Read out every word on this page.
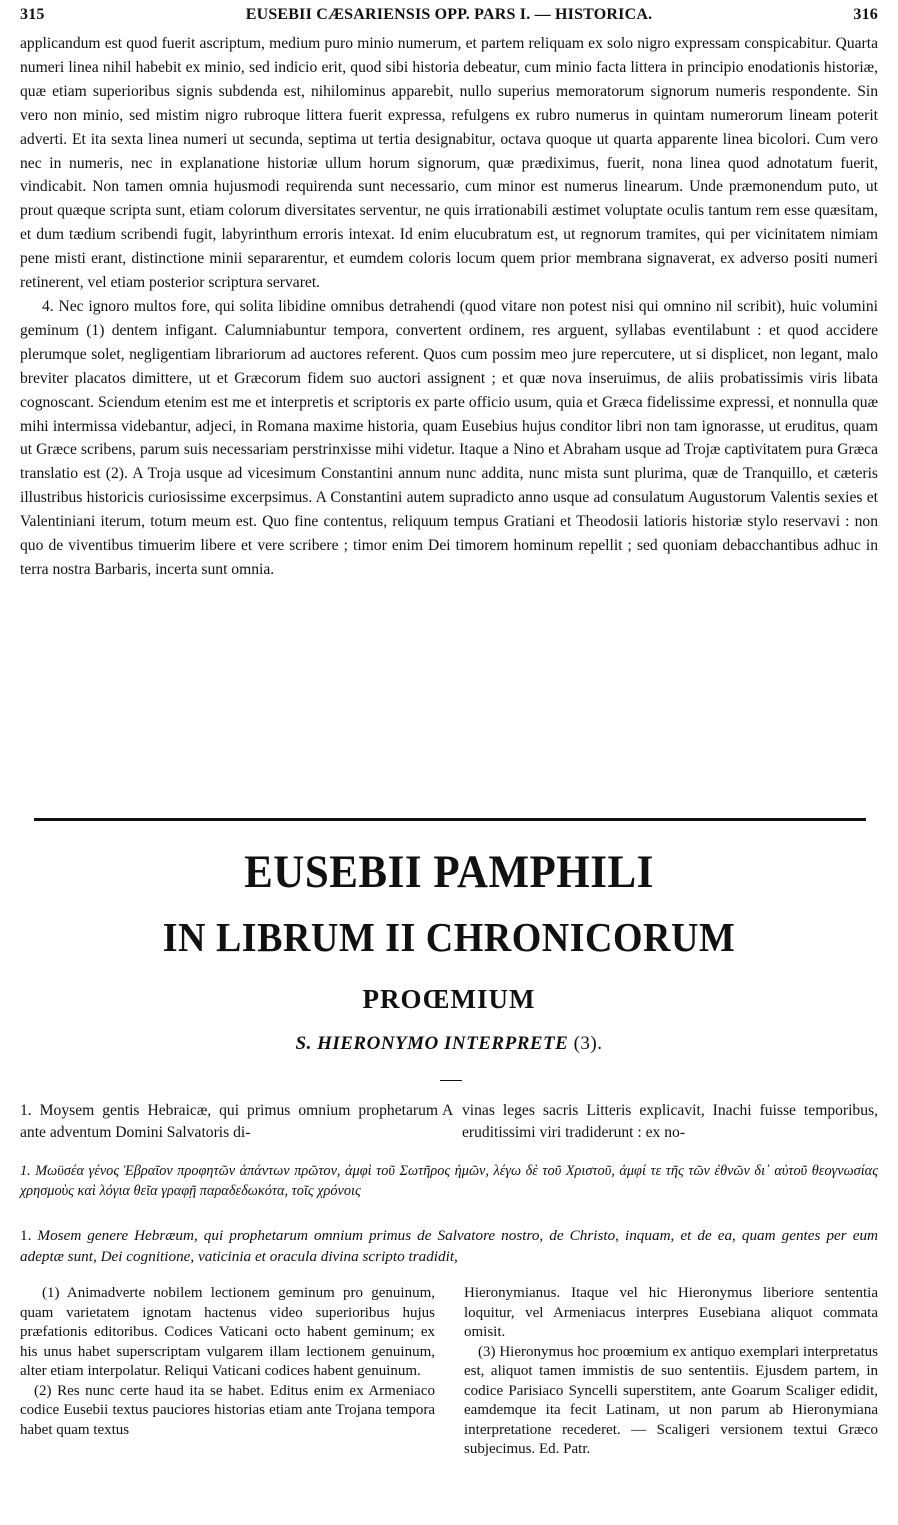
315	EUSEBII CÆSARIENSIS OPP. PARS I. — HISTORICA.	316

applicandum est quod fuerit ascriptum, medium puro minio numerum, et partem reliquam ex solo nigro expressam conspicabitur. Quarta numeri linea nihil habebit ex minio, sed indicio erit, quod sibi historia debeatur, cum minio facta littera in principio enodationis historiæ, quæ etiam superioribus signis subdenda est, nihilominus apparebit, nullo superius memoratorum signorum numeris respondente. Sin vero non minio, sed mistim nigro rubroque littera fuerit expressa, refulgens ex rubro numerus in quintam numerorum lineam poterit adverti. Et ita sexta linea numeri ut secunda, septima ut tertia designabitur, octava quoque ut quarta apparente linea bicolori. Cum vero nec in numeris, nec in explanatione historiæ ullum horum signorum, quæ prædiximus, fuerit, nona linea quod adnotatum fuerit, vindicabit. Non tamen omnia hujusmodi requirenda sunt necessario, cum minor est numerus linearum. Unde præmonendum puto, ut prout quæque scripta sunt, etiam colorum diversitates serventur, ne quis irrationabili æstimet voluptate oculis tantum rem esse quæsitam, et dum tædium scribendi fugit, labyrinthum erroris intexat. Id enim elucubratum est, ut regnorum tramites, qui per vicinitatem nimiam pene misti erant, distinctione minii separarentur, et eumdem coloris locum quem prior membrana signaverat, ex adverso positi numeri retinerent, vel etiam posterior scriptura servaret.

4. Nec ignoro multos fore, qui solita libidine omnibus detrahendi (quod vitare non potest nisi qui omnino nil scribit), huic volumini geminum (1) dentem infigant. Calumniabuntur tempora, convertent ordinem, res arguent, syllabas eventilabunt : et quod accidere plerumque solet, negligentiam librariorum ad auctores referent. Quos cum possim meo jure repercutere, ut si displicet, non legant, malo breviter placatos dimittere, ut et Græcorum fidem suo auctori assignent ; et quæ nova inseruimus, de aliis probatissimis viris libata cognoscant. Sciendum etenim est me et interpretis et scriptoris ex parte officio usum, quia et Græca fidelissime expressi, et nonnulla quæ mihi intermissa videbantur, adjeci, in Romana maxime historia, quam Eusebius hujus conditor libri non tam ignorasse, ut eruditus, quam ut Græce scribens, parum suis necessariam perstrinxisse mihi videtur. Itaque a Nino et Abraham usque ad Trojæ captivitatem pura Græca translatio est (2). A Troja usque ad vicesimum Constantini annum nunc addita, nunc mista sunt plurima, quæ de Tranquillo, et cæteris illustribus historicis curiosissime excerpsimus. A Constantini autem supradicto anno usque ad consulatum Augustorum Valentis sexies et Valentiniani iterum, totum meum est. Quo fine contentus, reliquum tempus Gratiani et Theodosii latioris historiæ stylo reservavi : non quo de viventibus timuerim libere et vere scribere ; timor enim Dei timorem hominum repellit ; sed quoniam debacchantibus adhuc in terra nostra Barbaris, incerta sunt omnia.

EUSEBII PAMPHILI
IN LIBRUM II CHRONICORUM
PROŒMIUM
S. HIERONYMO INTERPRETE (3).
1. Moysem gentis Hebraicæ, qui primus omnium prophetarum ante adventum Domini Salvatoris di-
A vinas leges sacris Litteris explicavit, Inachi fuisse temporibus, eruditissimi viri tradiderunt : ex no-
1. Μωϋσέα γένος Ἑβραῖον προφητῶν ἁπάντων πρῶτον, ἀμφὶ τοῦ Σωτῆρος ἡμῶν, λέγω δὲ τοῦ Χριστοῦ, ἀμφί τε τῆς τῶν ἐθνῶν δι᾽ αὐτοῦ θεογνωσίας χρησμοὺς καὶ λόγια θεῖα γραφῇ παραδεδωκότα, τοῖς χρόνοις
1. Mosem genere Hebræum, qui prophetarum omnium primus de Salvatore nostro, de Christo, inquam, et de ea, quam gentes per eum adeptæ sunt, Dei cognitione, vaticinia et oracula divina scripto tradidit,

(1) Animadverte nobilem lectionem geminum pro genuinum, quam varietatem ignotam hactenus video superioribus hujus præfationis editoribus. Codices Vaticani octo habent geminum; ex his unus habet superscriptam vulgarem illam lectionem genuinum, alter etiam interpolatur. Reliqui Vaticani codices habent genuinum.

(2) Res nunc certe haud ita se habet. Editus enim ex Armeniaco codice Eusebii textus pauciores historias etiam ante Trojana tempora habet quam textus

Hieronymianus. Itaque vel hic Hieronymus liberiore sententia loquitur, vel Armeniacus interpres Eusebiana aliquot commata omisit.

(3) Hieronymus hoc proœmium ex antiquo exemplari interpretatus est, aliquot tamen immistis de suo sententiis. Ejusdem partem, in codice Parisiaco Syncelli superstitem, ante Goarum Scaliger edidit, eamdemque ita fecit Latinam, ut non parum ab Hieronymiana interpretatione recederet. — Scaligeri versionem textui Græco subjecimus. Ed. Patr.
